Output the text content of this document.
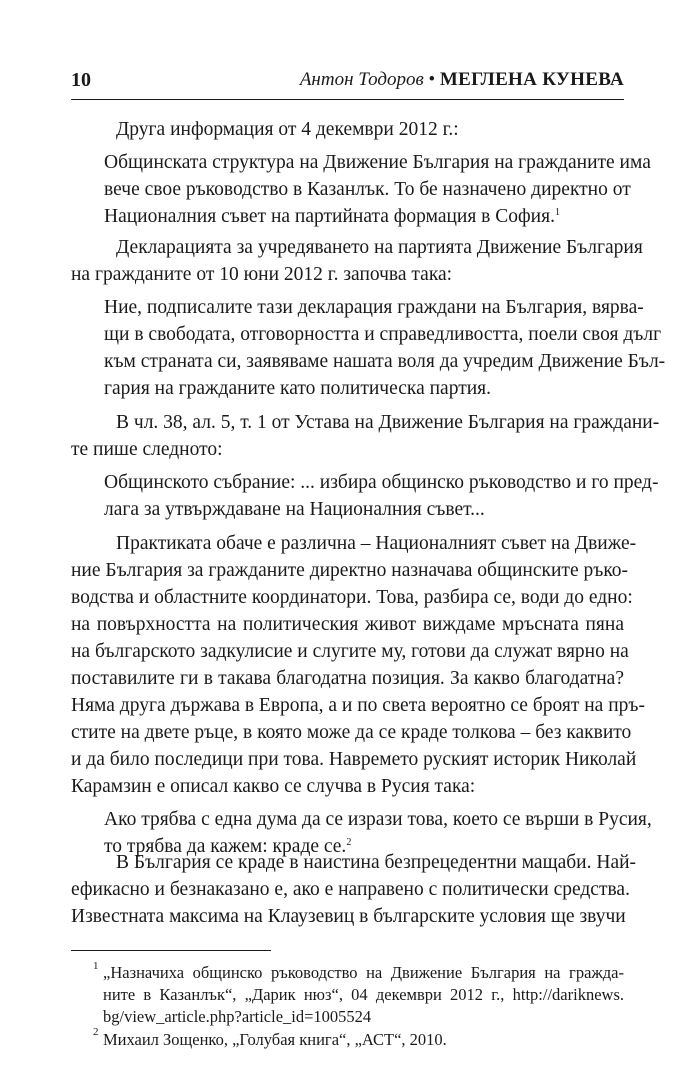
10	Антон Тодоров • МЕГЛЕНА КУНЕВА
Друга информация от 4 декември 2012 г.:
Общинската структура на Движение България на гражданите има
вече свое ръководство в Казанлък. То бе назначено директно от
Националния съвет на партийната формация в София.$^1$
Декларацията за учредяването на партията Движение България
на гражданите от 10 юни 2012 г. започва така:
Ние, подписалите тази декларация граждани на България, вярва-
щи в свободата, отговорността и справедливостта, поели своя дълг
към страната си, заявяваме нашата воля да учредим Движение Бъл-
гария на гражданите като политическа партия.
В чл. 38, ал. 5, т. 1 от Устава на Движение България на граждани-
те пише следното:
Общинското събрание: ... избира общинско ръководство и го пред-
лага за утвърждаване на Националния съвет...
Практиката обаче е различна – Националният съвет на Движе-
ние България за гражданите директно назначава общинските ръко-
водства и областните координатори. Това, разбира се, води до едно:
на повърхността на политическия живот виждаме мръсната пяна
на българското задкулисие и слугите му, готови да служат вярно на
поставилите ги в такава благодатна позиция. За какво благодатна?
Няма друга държава в Европа, а и по света вероятно се броят на пръ-
стите на двете ръце, в която може да се краде толкова – без каквито
и да било последици при това. Навремето руският историк Николай
Карамзин е описал какво се случва в Русия така:
Ако трябва с една дума да се изрази това, което се върши в Русия,
то трябва да кажем: краде се.$^2$
В България се краде в наистина безпрецедентни мащаби. Най-
ефикасно и безнаказано е, ако е направено с политически средства.
Известната максима на Клаузевиц в българските условия ще звучи
1 „Назначиха общинско ръководство на Движение България на гражда-
ните в Казанлък“, „Дарик нюз“, 04 декември 2012 г., http://dariknews.
bg/view_article.php?article_id=1005524
2 Михаил Зощенко, „Голубая книга“, „АСТ“, 2010.
